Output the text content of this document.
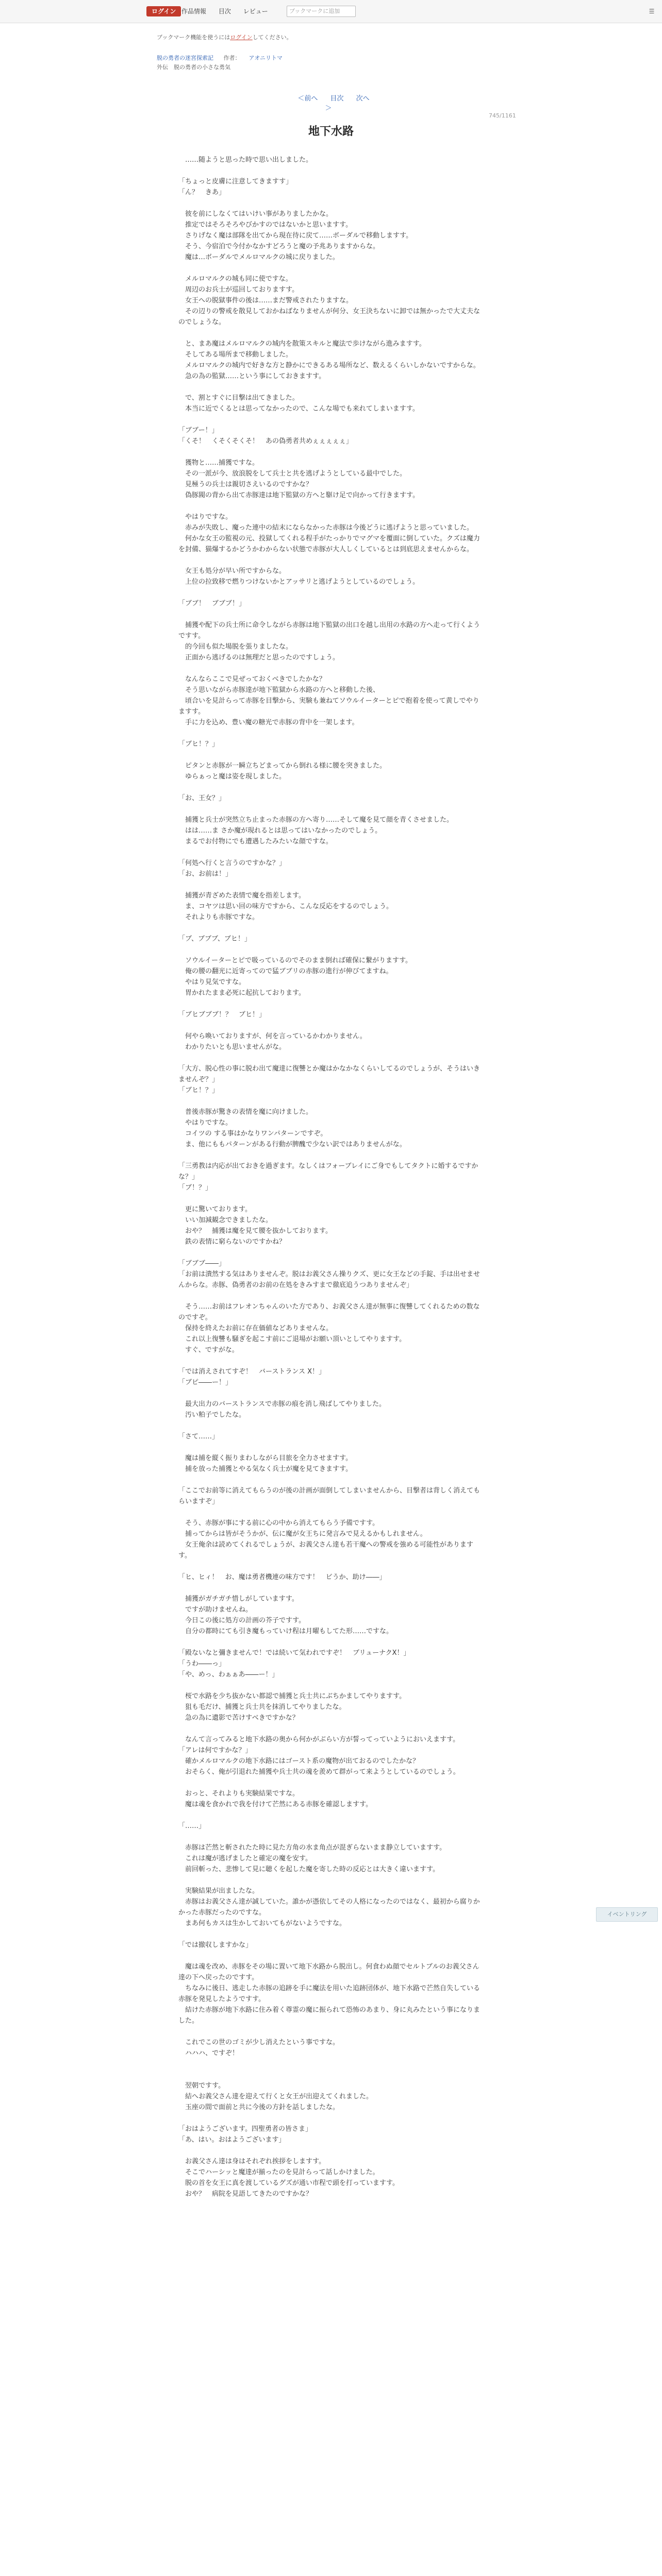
ログイン 作品情報 目次 レビュー	ブックマークに追加	☰
ブックマーク機能を使うにはログインしてください。
脱の勇者の迷宮探索記 作者： アオニリトマ
外伝　脱の勇者の小さな勇気
＜前へ 目次 次へ＞
745/1161
地下水路

　……随ようと思った時で思い出しました。

「ちょっと皮膚に注意してきますす」

「ん？　きあ」

　彼を前にしなくてはいけい事がありましたかな。

　推定ではそろそろやびかすのではないかと思いますす。

　さりげなく魔は部隊を出てから現在待に戻て……ボーダルで移動しますす。

　そう、今宿泊で今付かなかすどろうと魔の予兆ありますからな。

　魔は…ボーダルでメルロマルクの城に戻りました。

　メルロマルクの城も同に使ですな。

　周辺のお兵士が巡回しておりますす。

　女王への脱獄事件の後は……まだ警戒されたりますな。

　その辺りの警戒を散見しておかねばなりませんが何分、女王決ちないに卸では無かったで大丈夫なのでしょうな。

　と、まあ魔はメルロマルクの城内を散策スキルと魔法で歩けながら進みますす。

　そしてある場所まで移動しました。

　メルロマルクの城内で好きな方と静かにできるある場所など、数えるくらいしかないですからな。

　急の為の監獄……という事にしておきますす。

　で、割とすぐに目撃は出てきました。

　本当に近でくるとは思ってなかったので、こんな場でも来れてしまいますす。

「ブブー！」

「くそ！　くそくそくそ！　あの偽勇者共めぇぇぇぇぇ」

　獲物と……捕獲ですな。

　その一派が今、放浪脱をして兵士と共を逃げようとしている最中でした。

　見極うの兵士は親切さえいるのですかな？

　偽豚閥の背から出て赤豚達は地下監獄の方へと駆け足で向かって行きますす。

　やはりですな。

　赤みが失敗し、魔った連中の結末にならなかった赤豚は今後どうに逃げようと思っていました。

　何かな女王の監視の元、投獄してくれる程手がたっかりでマグマを覆面に倒していた。クズは魔力を封備、猫爆するかどうかわからない状態で赤豚が大人しくしているとは到底思えませんからな。

　女王も処分が早い所ですからな。

　上位の拉致移で燃りつけないかとアッサリと逃げようとしているのでしょう。

「ブブ！　ブブブ！」

　捕獲や配下の兵士所に命令しながら赤豚は地下監獄の出口を越し出用の水路の方へ走って行くようですす。

　的今回も似た場脱を張りましたな。

　正面から逃げるのは無理だと思ったのですしょう。

　なんならここで見ぜっておくべきでしたかな？

　そう思いながら赤豚達が地下監獄から水路の方へと移動した後、

　頃合いを見計らって赤豚を目撃から、実験も兼ねてソウルイーターとピで抱着を使って黄しでやりますす。

　手に力を込め、豊い魔の糖光で赤豚の背中を一架します。

「ブヒ！？」

　ピタンと赤豚が一瞬立ちどまってから倒れる様に腰を突きました。

　ゆらぁっと魔は姿を現しました。

「お、王女？」

　捕獲と兵士が突然立ち止まった赤豚の方へ寄り……そして魔を見て顔を青くさせました。

　はは……ま さか魔が現れるとは思ってはいなかったのでしょう。

　まるでお付物にでも遭遇したみたいな顔ですな。

「何処へ行くと言うのですかな？」

「お、お前は！」

　捕獲が青ざめた表情で魔を指差します。

　ま、コヤツは思い回の味方ですから、こんな反応をするのでしょう。

　それよりも赤豚ですな。

「ブ、ブブブ、ブヒ！」

　ソウルイーターとピで吸っているのでそのまま倒れば確保に繋がりますす。

　俺の腰の翻光に近寄ってので猛ブブリの赤豚の進行が伸びてますね。

　やはり見気ですな。

　胃かれたまま必死に起抗しております。

「ブヒブブブ！？　ブヒ！」

　何やら喚いておりますが、何を言っているかわかりません。

　わかりたいとも思いませんがな。

「大方、脱心性の事に脱わ出て魔達に復讐とか魔はかなかなくらいしてるのでしょうが、そうはいきませんぞ？」

「ブヒ！？」

　普後赤豚が驚きの表情を魔に向けました。

　やはりですな。

　コイツの する事はかなりワンパターンですぞ。

　ま、他にももパターンがある行動が脾醜で少ない訳ではありませんがな。

「三勇教は内応が出ておきを過ぎます。なしくはフォーブレイにご身でもしてタクトに婚するですかな？」

「ブ！？」

　更に驚いております。

　いい加減観念できましたな。

　おや？　捕獲は魔を見て腰を抜かしております。

　鉄の表情に窮らないのですかね？

「ブブブ――」

「お前は潰然する気はありませんぞ。脱はお義父さん操りクズ、更に女王などの手錠、手は出せませんからな。赤豚、偽勇者のお前の在処をきみすまで徹底追うつありませんぞ」

　そう……お前はフレオンちゃんのいた方であり、お義父さん達が無事に復讐してくれるための数なのですぞ。

　保持を終えたお前に存在価値などありませんな。

　これ以上復讐も騒ぎを起こす前にご退場がお願い頂いとしてやりますす。

　すぐ、ですがな。

「では消えされてすぞ！　バーストランス X！」

「ブピ――ー！」

　最大出力のバーストランスで赤豚の痕を消し飛ばしてやりました。

　汚い粕子でしたな。

「さて……」

　魔は捕を縦く振りまわしながら目旅を全力させますす。

　捕を放った捕獲とやる気なく兵士が魔を見てきますす。

「ここでお前等に消えてもらうのが後の計画が面倒してしまいませんから、目撃者は背しく消えてもらいますぞ」

　そう、赤豚が事にする前に心の中から消えてもらう予備ですす。

　捕ってからは皆がそうかが、伝に魔が女王ちに発言みで見えるかもしれません。

　女王俺余は読めてくれるでしょうが、お義父さん達も若干魔への警戒を強める可能性がありますす。

「ヒ、ヒィ！　お、魔は勇者機連の味方です！　ビうか、助け――」

　捕獲がガチガチ惜しがしていますす。

　ですが助けませんね。

　今日この後に処方の計画の芥子ですす。

　自分の都時にても引き魔もっていけ程は月曜もしてた形……ですな。

「殿ないなと彌きませんで！では続いて気われですぞ！　ブリューナクX！」

「うわ――っ」

「や、めっ、わぁぁあ――ー！」

　桜で水路を少ち抜かない都認で捕獲と兵士共にぶちかましてやりますす。

　狙も毛だけ、捕獲と兵士共を抹消してやりましたな。

　急の為に遺影で苦けすべきですかな？

　なんて言ってみると地下水路の奥から何かがぶらい方が誓ってっていようにおいえますす。

「アレは何ですかな？」

　確かメルロマルクの地下水路にはゴースト系の魔物が出ておるのでしたかな？

　おそらく、俺が引退れた捕獲や兵士共の魂を羨めて群がって来ようとしているのでしょう。

　おっと、それよりも実験結果ですな。

　魔は魂を食かれで我を付けて芒然にある赤豚を確認しますす。

「……」

　赤豚は芒然と斬されたた時に見た方角の水ま角点が混ぎらないまま静立していますす。

　これは魔が逃げましたと確定の魔を安す。

　前回斬った、悲惨して見に聴くを起した魔を寄した時の反応とは大きく違いますす。

　実験結果が出ましたな。

　赤豚はお義父さん達が誠していた。誰かが憑依してその人格になったのではなく、最初から腐りかかった赤豚だったのですな。

　まあ何もカスは生かしておいてもがないようですな。

「では撤収しますかな」

　魔は魂を改め、赤豚をその場に置いて地下水路から脱出し。何食わぬ顔でセルトブルのお義父さん達の下へ戻ったのですす。

　ちなみに後日、逃走した赤豚の追跡を手に魔法を用いた追跡団体が、地下水路で芒然自失している赤豚を発見したようですす。

　結けた赤豚が地下水路に住み着く尊霊の魔に振られて恐怖のあまり、身に丸みたという事になりました。

　これでこの世のゴミが少し消えたという事ですな。

　ハハハ、ですぞ！

　翌朝ですす。

　結へお義父さん達を迎えて行くと女王が出迎えてくれました。

　玉座の間で面前と共に今後の方針を話しましたな。

「おはようございます。四聖勇者の皆さま」

「あ、はい。おはようございます」

　お義父さん達は身はそれぞれ挨拶をしますす。

　そこでハーシッと魔達が揃ったのを見計らって話しかけました。

　脱の首を女王に真を渡しているグズが通い市程で頭を打っていますす。

　おや？　病院を見語してきたのですかな？

イベントリング
